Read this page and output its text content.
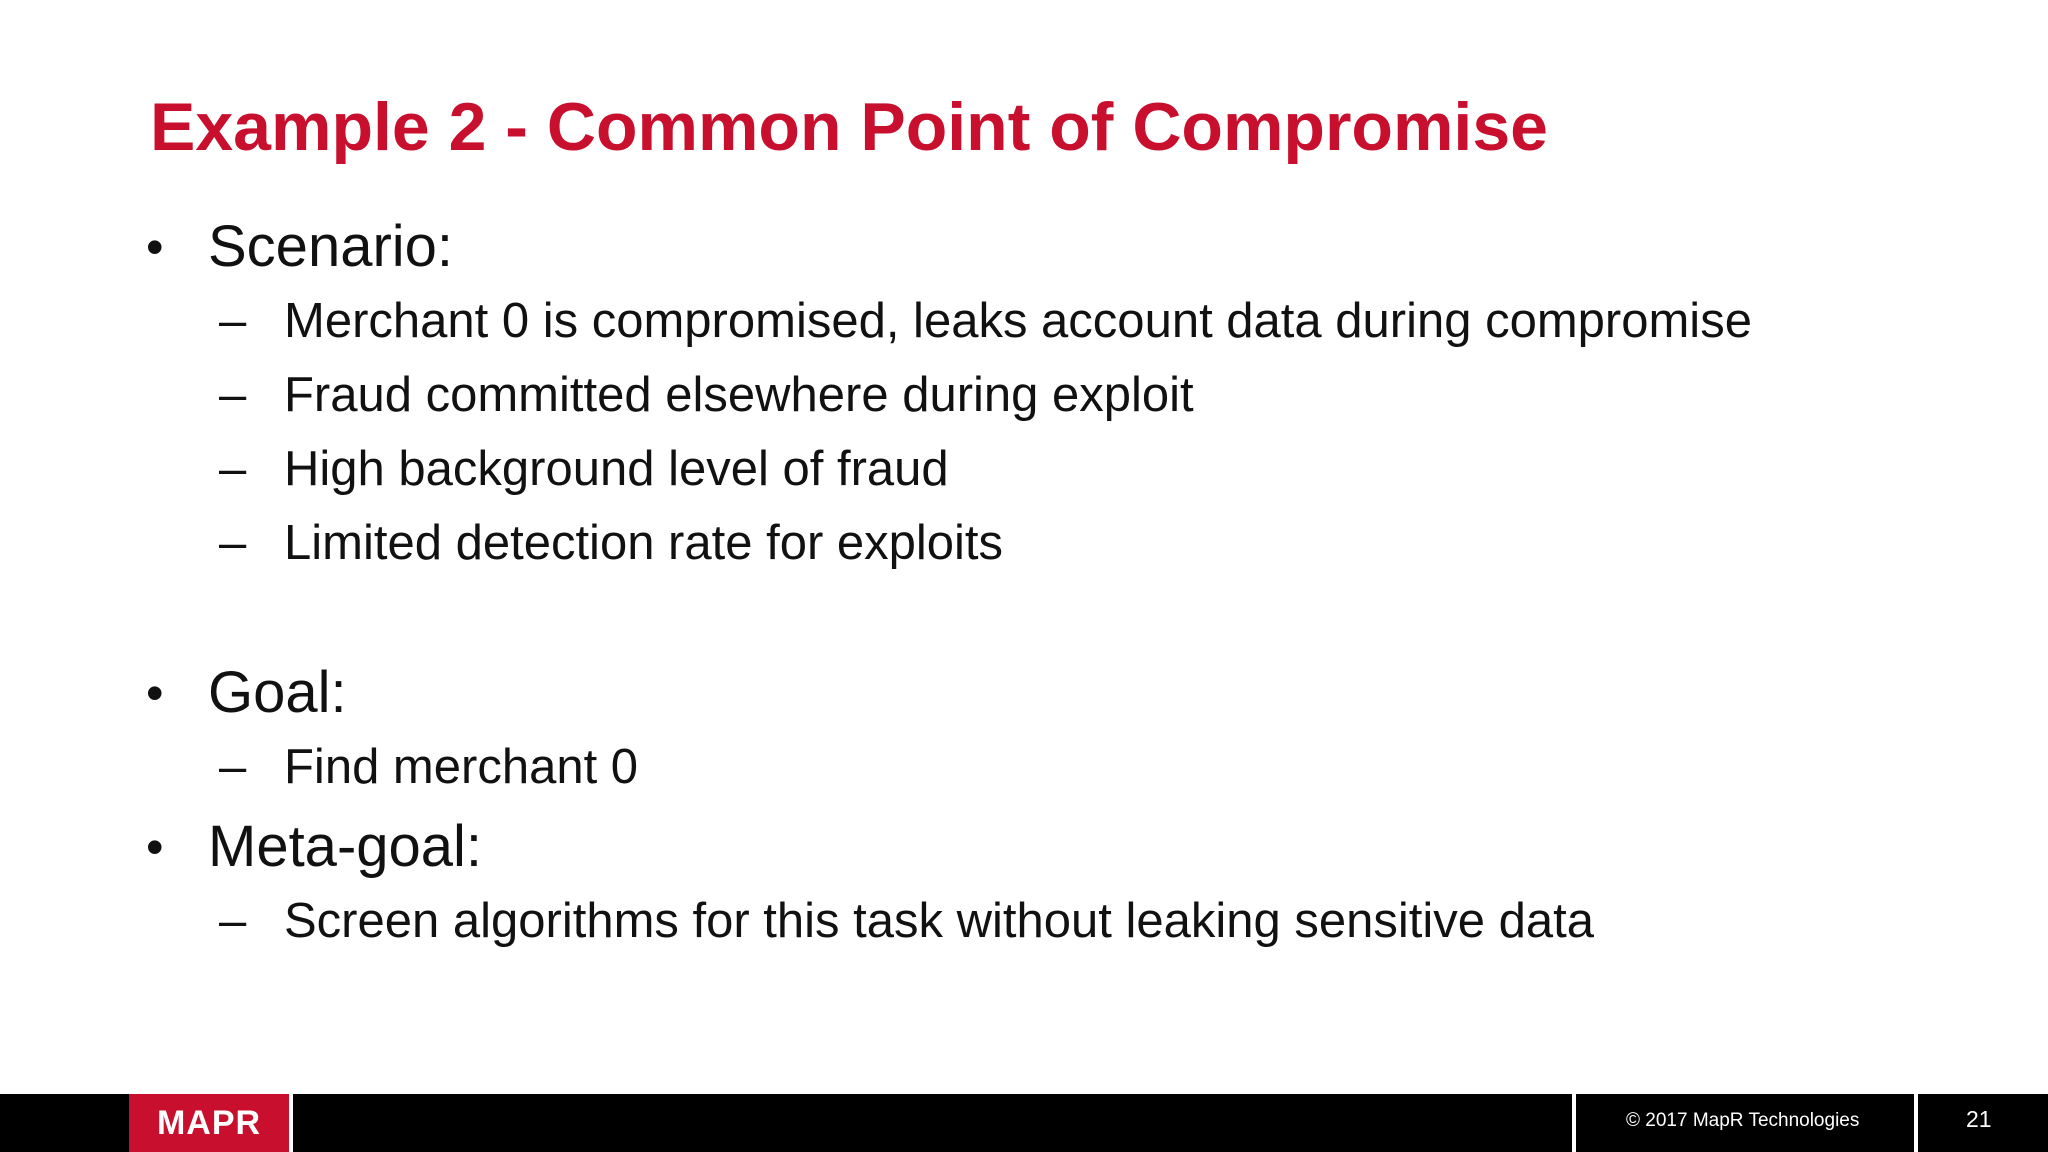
Example 2 - Common Point of Compromise
• Scenario:
– Merchant 0 is compromised, leaks account data during compromise
– Fraud committed elsewhere during exploit
– High background level of fraud
– Limited detection rate for exploits
• Goal:
– Find merchant 0
• Meta-goal:
– Screen algorithms for this task without leaking sensitive data
MAPR	© 2017 MapR Technologies	21
